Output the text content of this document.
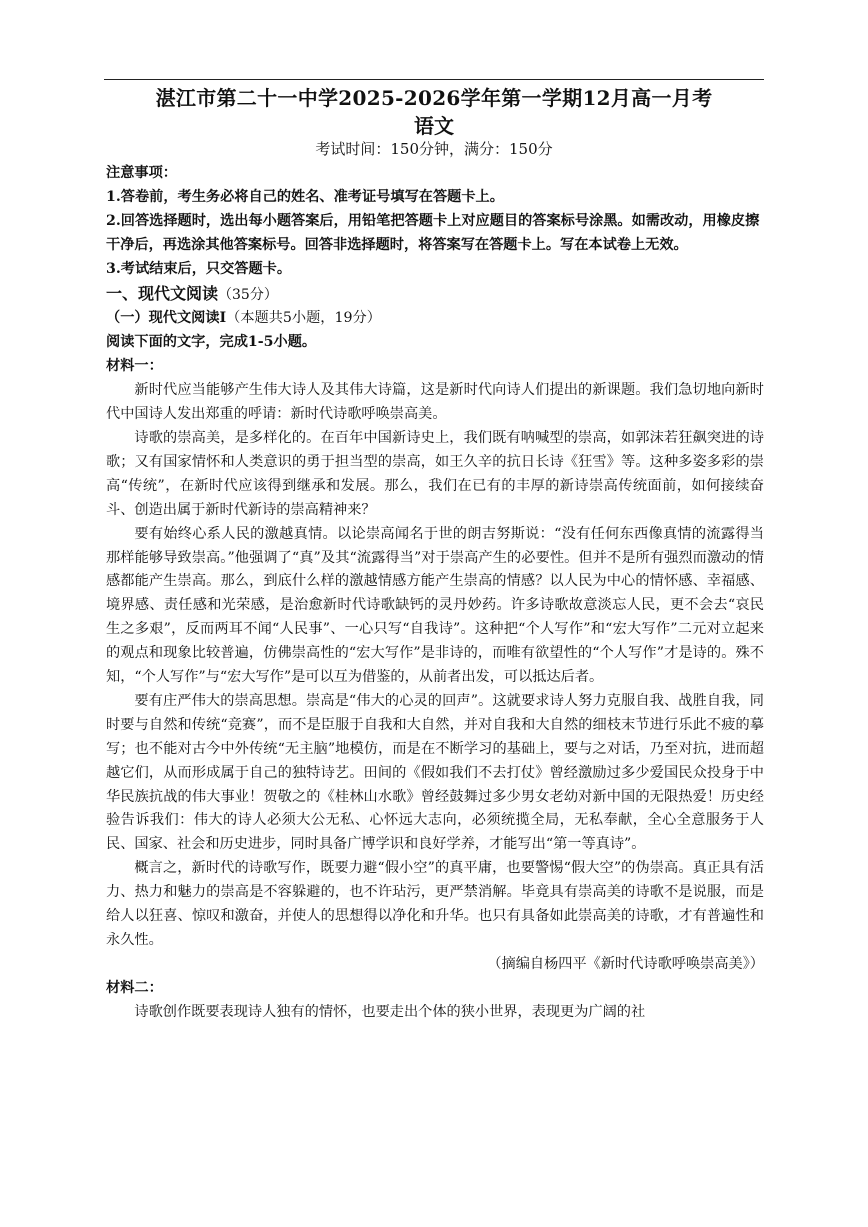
湛江市第二十一中学2025-2026学年第一学期12月高一月考
语文
考试时间：150分钟，满分：150分

注意事项：

1.答卷前，考生务必将自己的姓名、准考证号填写在答题卡上。

2.回答选择题时，选出每小题答案后，用铅笔把答题卡上对应题目的答案标号涂黑。如需改动，用橡皮擦干净后，再选涂其他答案标号。回答非选择题时，将答案写在答题卡上。写在本试卷上无效。

3.考试结束后，只交答题卡。

一、现代文阅读（35分）

（一）现代文阅读Ⅰ（本题共5小题，19分）

阅读下面的文字，完成1-5小题。

材料一：

新时代应当能够产生伟大诗人及其伟大诗篇，这是新时代向诗人们提出的新课题。我们急切地向新时代中国诗人发出郑重的呼请：新时代诗歌呼唤崇高美。

诗歌的崇高美，是多样化的。在百年中国新诗史上，我们既有呐喊型的崇高，如郭沫若狂飙突进的诗歌；又有国家情怀和人类意识的勇于担当型的崇高，如王久辛的抗日长诗《狂雪》等。这种多姿多彩的崇高“传统”，在新时代应该得到继承和发展。那么，我们在已有的丰厚的新诗崇高传统面前，如何接续奋斗、创造出属于新时代新诗的崇高精神来？

要有始终心系人民的激越真情。以论崇高闻名于世的朗吉努斯说：“没有任何东西像真情的流露得当那样能够导致崇高。”他强调了“真”及其“流露得当”对于崇高产生的必要性。但并不是所有强烈而激动的情感都能产生崇高。那么，到底什么样的激越情感方能产生崇高的情感？以人民为中心的情怀感、幸福感、境界感、责任感和光荣感，是治愈新时代诗歌缺钙的灵丹妙药。许多诗歌故意淡忘人民，更不会去“哀民生之多艰”，反而两耳不闻“人民事”、一心只写“自我诗”。这种把“个人写作”和“宏大写作”二元对立起来的观点和现象比较普遍，仿佛崇高性的“宏大写作”是非诗的，而唯有欲望性的“个人写作”才是诗的。殊不知，“个人写作”与“宏大写作”是可以互为借鉴的，从前者出发，可以抵达后者。

要有庄严伟大的崇高思想。崇高是“伟大的心灵的回声”。这就要求诗人努力克服自我、战胜自我，同时要与自然和传统“竞赛”，而不是臣服于自我和大自然，并对自我和大自然的细枝末节进行乐此不疲的摹写；也不能对古今中外传统“无主脑”地模仿，而是在不断学习的基础上，要与之对话，乃至对抗，进而超越它们，从而形成属于自己的独特诗艺。田间的《假如我们不去打仗》曾经激励过多少爱国民众投身于中华民族抗战的伟大事业！贺敬之的《桂林山水歌》曾经鼓舞过多少男女老幼对新中国的无限热爱！历史经验告诉我们：伟大的诗人必须大公无私、心怀远大志向，必须统揽全局，无私奉献，全心全意服务于人民、国家、社会和历史进步，同时具备广博学识和良好学养，才能写出“第一等真诗”。

概言之，新时代的诗歌写作，既要力避“假小空”的真平庸，也要警惕“假大空”的伪崇高。真正具有活力、热力和魅力的崇高是不容躲避的，也不许玷污，更严禁消解。毕竟具有崇高美的诗歌不是说服，而是给人以狂喜、惊叹和激奋，并使人的思想得以净化和升华。也只有具备如此崇高美的诗歌，才有普遍性和永久性。

（摘编自杨四平《新时代诗歌呼唤崇高美》）

材料二：

诗歌创作既要表现诗人独有的情怀，也要走出个体的狭小世界，表现更为广阔的社
